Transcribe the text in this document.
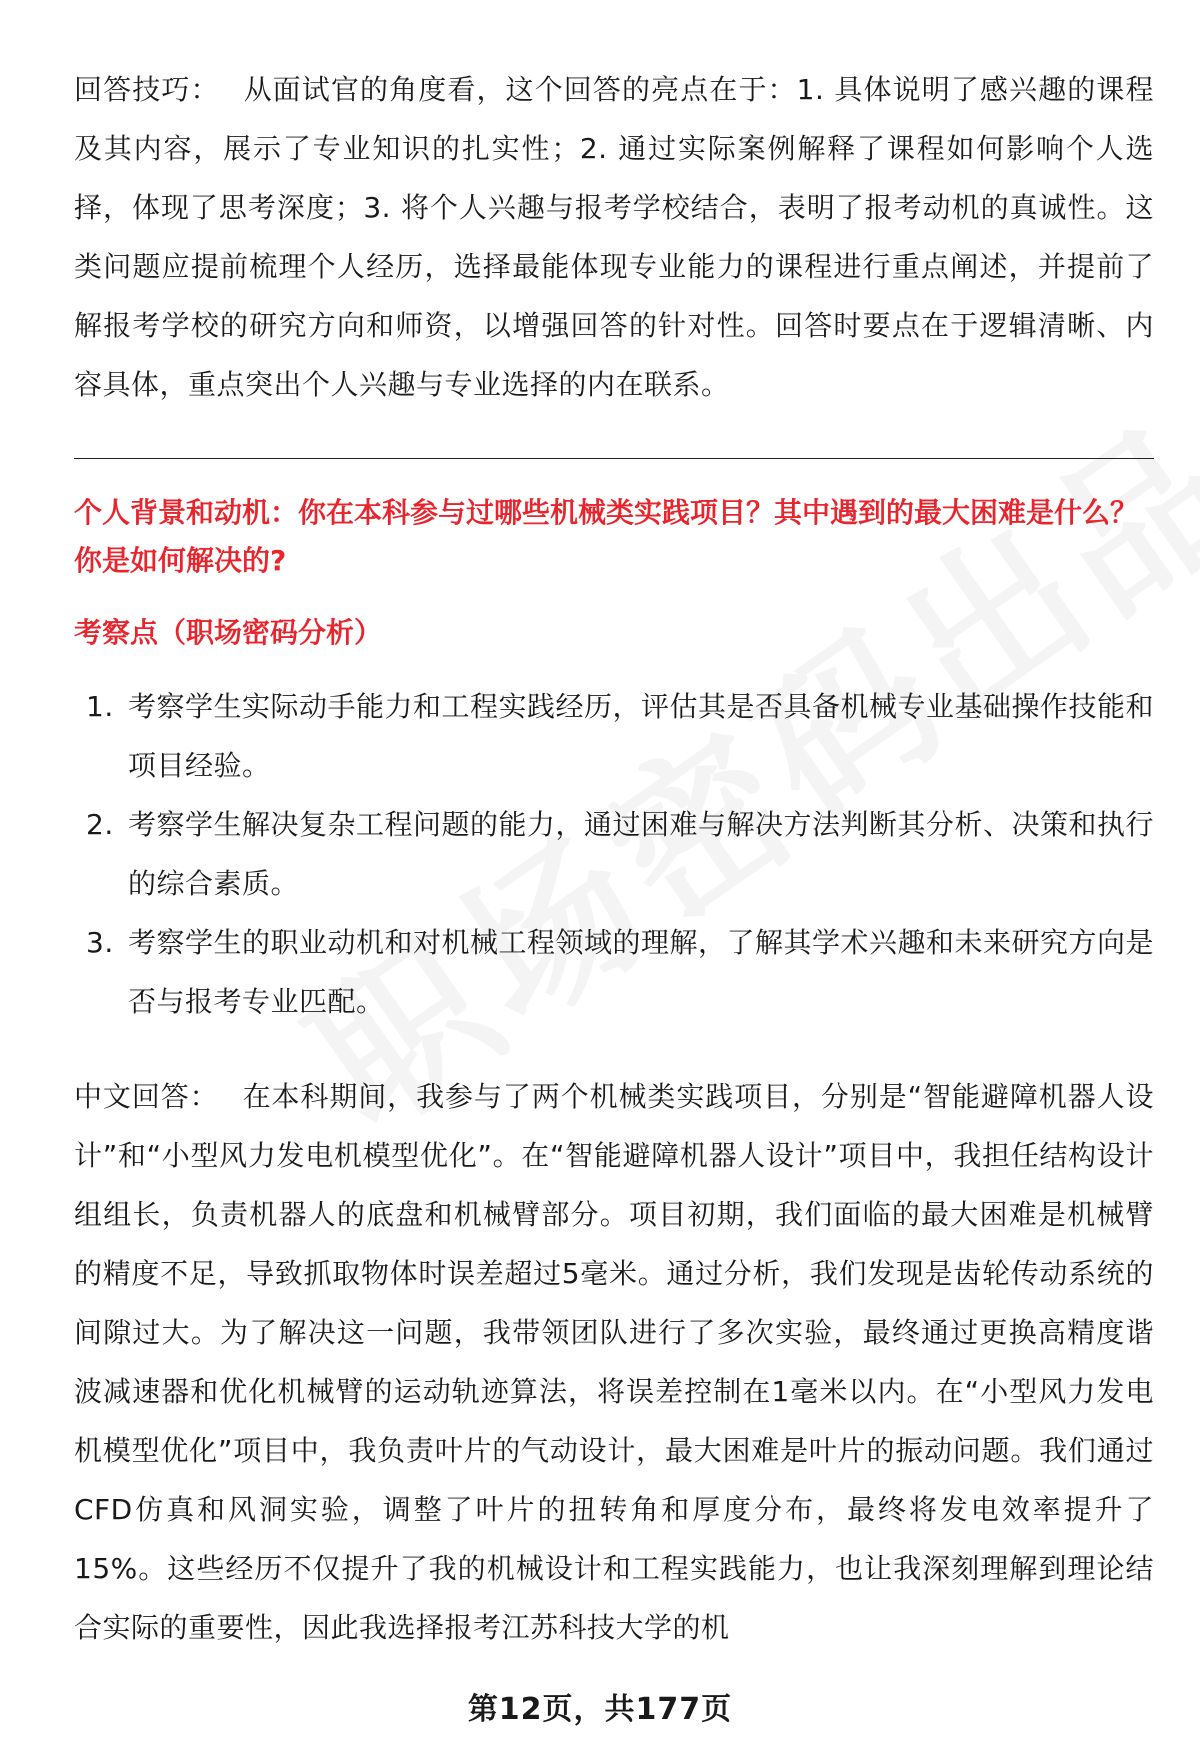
回答技巧： 从面试官的角度看，这个回答的亮点在于：1. 具体说明了感兴趣的课程及其内容，展示了专业知识的扎实性；2. 通过实际案例解释了课程如何影响个人选择，体现了思考深度；3. 将个人兴趣与报考学校结合，表明了报考动机的真诚性。这类问题应提前梳理个人经历，选择最能体现专业能力的课程进行重点阐述，并提前了解报考学校的研究方向和师资，以增强回答的针对性。回答时要点在于逻辑清晰、内容具体，重点突出个人兴趣与专业选择的内在联系。

个人背景和动机：你在本科参与过哪些机械类实践项目？其中遇到的最大困难是什么？你是如何解决的?
考察点（职场密码分析）
1. 考察学生实际动手能力和工程实践经历，评估其是否具备机械专业基础操作技能和项目经验。
2. 考察学生解决复杂工程问题的能力，通过困难与解决方法判断其分析、决策和执行的综合素质。
3. 考察学生的职业动机和对机械工程领域的理解，了解其学术兴趣和未来研究方向是否与报考专业匹配。

中文回答： 在本科期间，我参与了两个机械类实践项目，分别是“智能避障机器人设计”和“小型风力发电机模型优化”。在“智能避障机器人设计”项目中，我担任结构设计组组长，负责机器人的底盘和机械臂部分。项目初期，我们面临的最大困难是机械臂的精度不足，导致抓取物体时误差超过5毫米。通过分析，我们发现是齿轮传动系统的间隙过大。为了解决这一问题，我带领团队进行了多次实验，最终通过更换高精度谐波减速器和优化机械臂的运动轨迹算法，将误差控制在1毫米以内。在“小型风力发电机模型优化”项目中，我负责叶片的气动设计，最大困难是叶片的振动问题。我们通过CFD仿真和风洞实验，调整了叶片的扭转角和厚度分布，最终将发电效率提升了15%。这些经历不仅提升了我的机械设计和工程实践能力，也让我深刻理解到理论结合实际的重要性，因此我选择报考江苏科技大学的机

第12页，共177页
